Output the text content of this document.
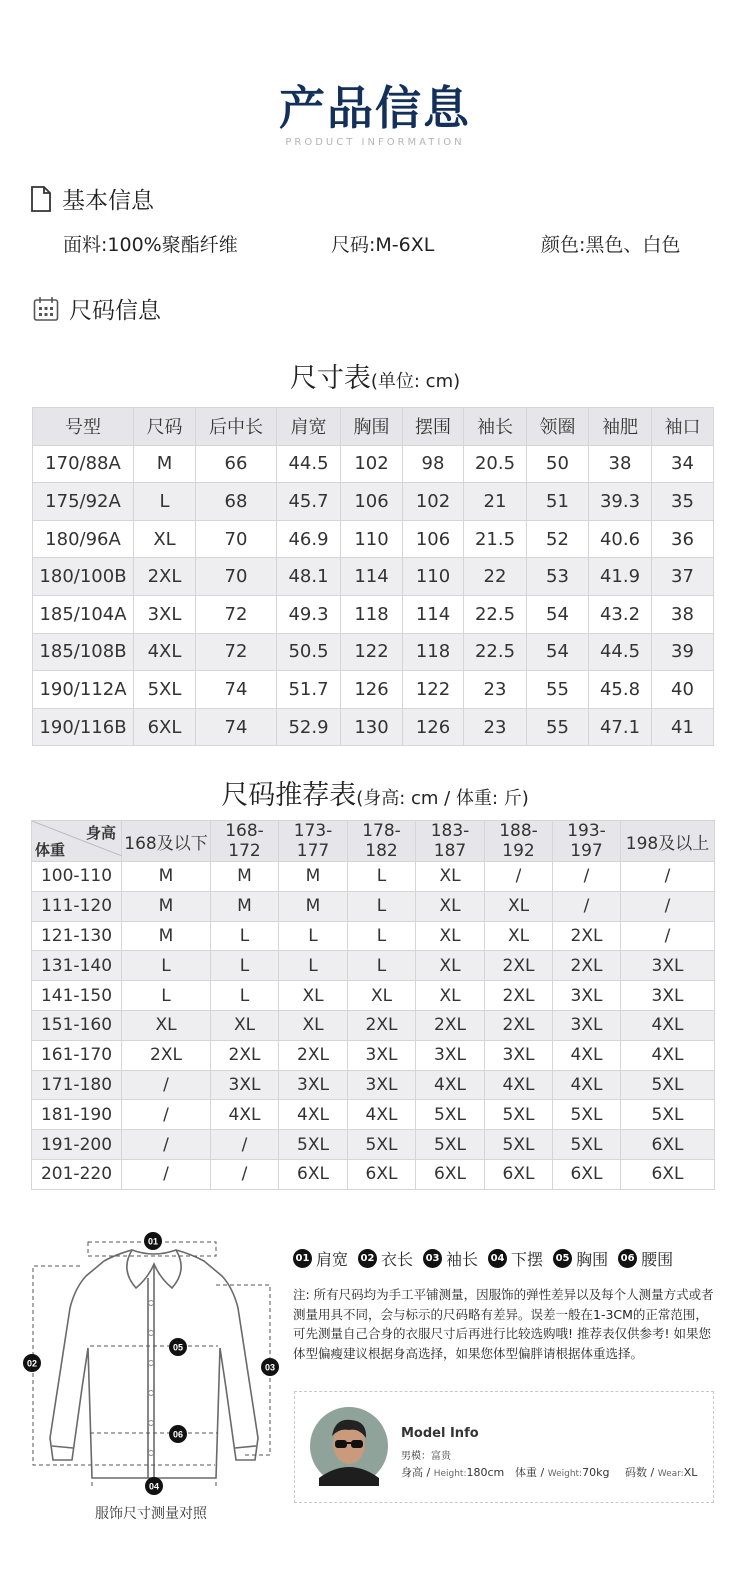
产品信息
PRODUCT INFORMATION
基本信息
面料:100%聚酯纤维	尺码:M-6XL	颜色:黑色、白色
尺码信息
尺寸表(单位: cm)
号型	尺码	后中长	肩宽	胸围	摆围	袖长	领圈	袖肥	袖口
170/88A	M	66	44.5	102	98	20.5	50	38	34
175/92A	L	68	45.7	106	102	21	51	39.3	35
180/96A	XL	70	46.9	110	106	21.5	52	40.6	36
180/100B	2XL	70	48.1	114	110	22	53	41.9	37
185/104A	3XL	72	49.3	118	114	22.5	54	43.2	38
185/108B	4XL	72	50.5	122	118	22.5	54	44.5	39
190/112A	5XL	74	51.7	126	122	23	55	45.8	40
190/116B	6XL	74	52.9	130	126	23	55	47.1	41
尺码推荐表(身高: cm / 体重: 斤)
身高
体重	168及以下	168-172	173-177	178-182	183-187	188-192	193-197	198及以上
100-110	M	M	M	L	XL	/	/	/
111-120	M	M	M	L	XL	XL	/	/
121-130	M	L	L	L	XL	XL	2XL	/
131-140	L	L	L	L	XL	2XL	2XL	3XL
141-150	L	L	XL	XL	XL	2XL	3XL	3XL
151-160	XL	XL	XL	2XL	2XL	2XL	3XL	4XL
161-170	2XL	2XL	2XL	3XL	3XL	3XL	4XL	4XL
171-180	/	3XL	3XL	3XL	4XL	4XL	4XL	5XL
181-190	/	4XL	4XL	4XL	5XL	5XL	5XL	5XL
191-200	/	/	5XL	5XL	5XL	5XL	5XL	6XL
201-220	/	/	6XL	6XL	6XL	6XL	6XL	6XL
01
02	03
04
05
06
服饰尺寸测量对照
01 肩宽 02 衣长 03 袖长 04 下摆 05 胸围 06 腰围
注: 所有尺码均为手工平铺测量，因服饰的弹性差异以及每个人测量方式或者测量用具不同，会与标示的尺码略有差异。误差一般在1-3CM的正常范围，可先测量自己合身的衣服尺寸后再进行比较选购哦! 推荐表仅供参考! 如果您体型偏瘦建议根据身高选择，如果您体型偏胖请根据体重选择。
Model Info
男模：富贵
身高 / Height:180cm 体重 / Weight:70kg 码数 / Wear:XL
